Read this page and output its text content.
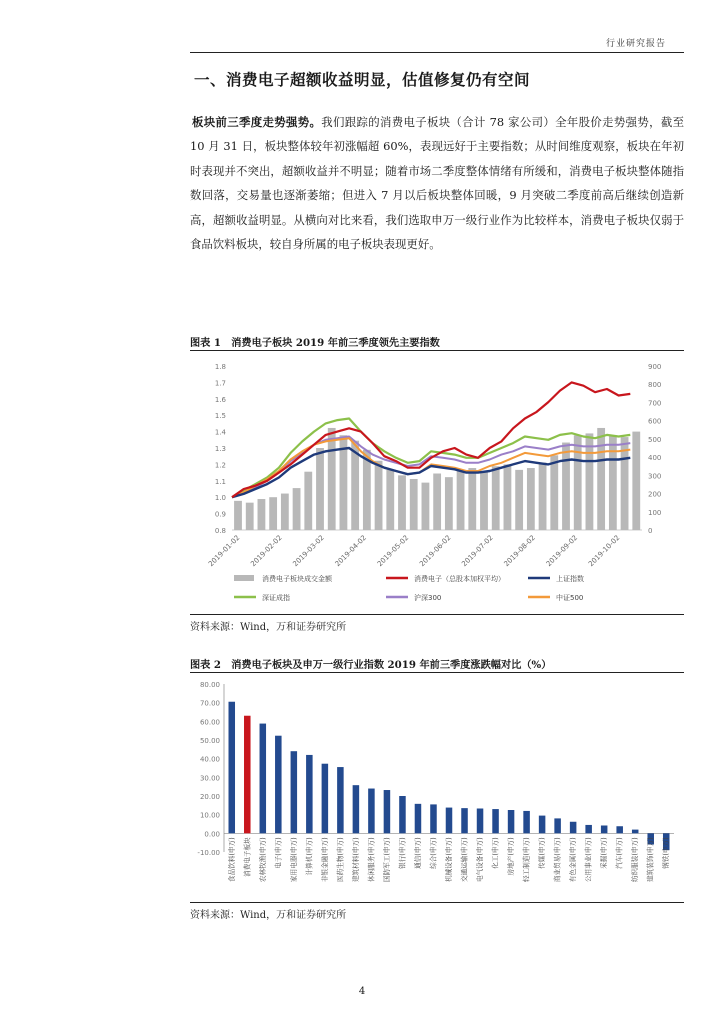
行业研究报告
一、消费电子超额收益明显，估值修复仍有空间
板块前三季度走势强势。我们跟踪的消费电子板块（合计 78 家公司）全年股价走势强势，截至 10 月 31 日，板块整体较年初涨幅超 60%，表现远好于主要指数；从时间维度观察，板块在年初时表现并不突出，超额收益并不明显；随着市场二季度整体情绪有所缓和，消费电子板块整体随指数回落，交易量也逐渐萎缩；但进入 7 月以后板块整体回暖，9 月突破二季度前高后继续创造新高，超额收益明显。从横向对比来看，我们选取申万一级行业作为比较样本，消费电子板块仅弱于食品饮料板块，较自身所属的电子板块表现更好。
图表 1　消费电子板块 2019 年前三季度领先主要指数
0.8
0.9
1.0
1.1
1.2
1.3
1.4
1.5
1.6
1.7
1.8
0
100
200
300
400
500
600
700
800
900
2019-01-02 2019-02-02 2019-03-02 2019-04-02 2019-05-02 2019-06-02 2019-07-02 2019-08-02 2019-09-02 2019-10-02
消费电子板块成交金额	消费电子（总股本加权平均）	上证指数
深证成指	沪深300	中证500
资料来源：Wind，万和证券研究所
图表 2　消费电子板块及申万一级行业指数 2019 年前三季度涨跌幅对比（%）
-10.00
0.00
10.00
20.00
30.00
40.00
50.00
60.00
70.00
80.00
食品饮料(申万) 消费电子板块 农林牧渔(申万) 电子(申万) 家用电器(申万) 计算机(申万) 非银金融(申万) 医药生物(申万) 建筑材料(申万) 休闲服务(申万) 国防军工(申万) 银行(申万) 通信(申万) 综合(申万) 机械设备(申万) 交通运输(申万) 电气设备(申万) 化工(申万) 房地产(申万) 轻工制造(申万) 传媒(申万) 商业贸易(申万) 有色金属(申万) 公用事业(申万) 采掘(申万) 汽车(申万) 纺织服装(申万) 建筑装饰(申万) 钢铁(申万)
资料来源：Wind，万和证券研究所
4
